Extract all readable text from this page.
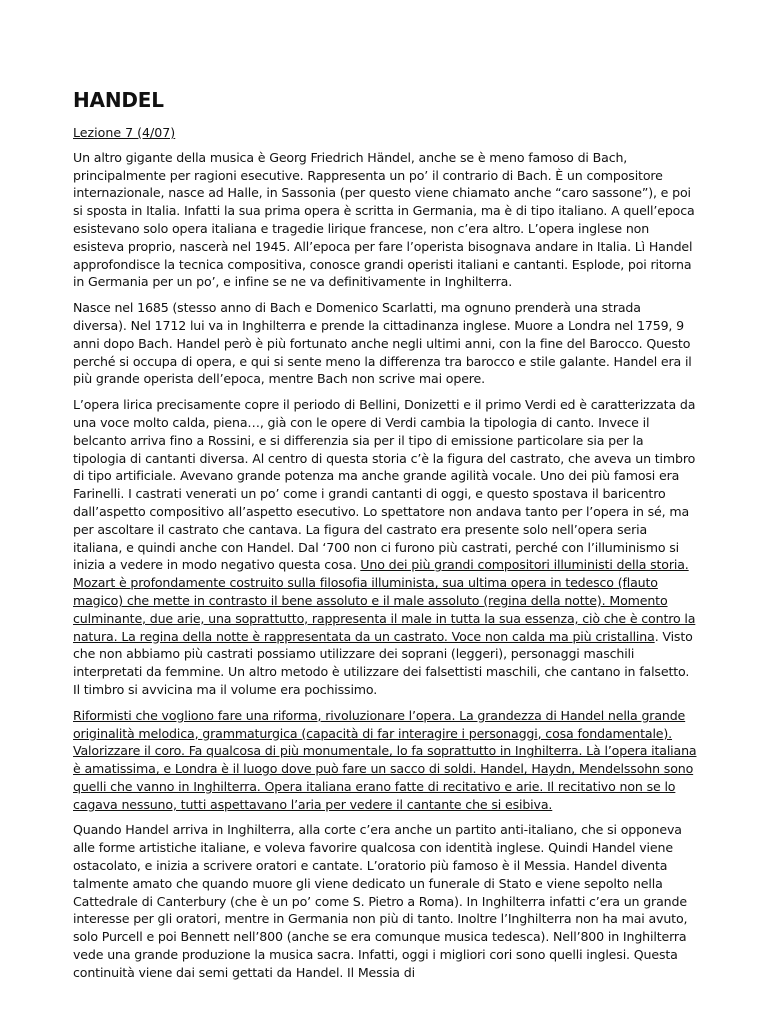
HANDEL
Lezione 7 (4/07)

Un altro gigante della musica è Georg Friedrich Händel, anche se è meno famoso di Bach, principalmente per ragioni esecutive. Rappresenta un po’ il contrario di Bach. È un compositore internazionale, nasce ad Halle, in Sassonia (per questo viene chiamato anche “caro sassone”), e poi si sposta in Italia. Infatti la sua prima opera è scritta in Germania, ma è di tipo italiano. A quell’epoca esistevano solo opera italiana e tragedie lirique francese, non c’era altro. L’opera inglese non esisteva proprio, nascerà nel 1945. All’epoca per fare l’operista bisognava andare in Italia. Lì Handel approfondisce la tecnica compositiva, conosce grandi operisti italiani e cantanti. Esplode, poi ritorna in Germania per un po’, e infine se ne va definitivamente in Inghilterra.

Nasce nel 1685 (stesso anno di Bach e Domenico Scarlatti, ma ognuno prenderà una strada diversa). Nel 1712 lui va in Inghilterra e prende la cittadinanza inglese. Muore a Londra nel 1759, 9 anni dopo Bach. Handel però è più fortunato anche negli ultimi anni, con la fine del Barocco. Questo perché si occupa di opera, e qui si sente meno la differenza tra barocco e stile galante. Handel era il più grande operista dell’epoca, mentre Bach non scrive mai opere.

L’opera lirica precisamente copre il periodo di Bellini, Donizetti e il primo Verdi ed è caratterizzata da una voce molto calda, piena…, già con le opere di Verdi cambia la tipologia di canto. Invece il belcanto arriva fino a Rossini, e si differenzia sia per il tipo di emissione particolare sia per la tipologia di cantanti diversa. Al centro di questa storia c’è la figura del castrato, che aveva un timbro di tipo artificiale. Avevano grande potenza ma anche grande agilità vocale. Uno dei più famosi era Farinelli. I castrati venerati un po’ come i grandi cantanti di oggi, e questo spostava il baricentro dall’aspetto compositivo all’aspetto esecutivo. Lo spettatore non andava tanto per l’opera in sé, ma per ascoltare il castrato che cantava. La figura del castrato era presente solo nell’opera seria italiana, e quindi anche con Handel. Dal ‘700 non ci furono più castrati, perché con l’illuminismo si inizia a vedere in modo negativo questa cosa. Uno dei più grandi compositori illuministi della storia. Mozart è profondamente costruito sulla filosofia illuminista, sua ultima opera in tedesco (flauto magico) che mette in contrasto il bene assoluto e il male assoluto (regina della notte). Momento culminante, due arie, una soprattutto, rappresenta il male in tutta la sua essenza, ciò che è contro la natura. La regina della notte è rappresentata da un castrato. Voce non calda ma più cristallina. Visto che non abbiamo più castrati possiamo utilizzare dei soprani (leggeri), personaggi maschili interpretati da femmine. Un altro metodo è utilizzare dei falsettisti maschili, che cantano in falsetto. Il timbro si avvicina ma il volume era pochissimo.

Riformisti che vogliono fare una riforma, rivoluzionare l’opera. La grandezza di Handel nella grande originalità melodica, grammaturgica (capacità di far interagire i personaggi, cosa fondamentale). Valorizzare il coro. Fa qualcosa di più monumentale, lo fa soprattutto in Inghilterra. Là l’opera italiana è amatissima, e Londra è il luogo dove può fare un sacco di soldi. Handel, Haydn, Mendelssohn sono quelli che vanno in Inghilterra. Opera italiana erano fatte di recitativo e arie. Il recitativo non se lo cagava nessuno, tutti aspettavano l’aria per vedere il cantante che si esibiva.

Quando Handel arriva in Inghilterra, alla corte c’era anche un partito anti-italiano, che si opponeva alle forme artistiche italiane, e voleva favorire qualcosa con identità inglese. Quindi Handel viene ostacolato, e inizia a scrivere oratori e cantate. L’oratorio più famoso è il Messia. Handel diventa talmente amato che quando muore gli viene dedicato un funerale di Stato e viene sepolto nella Cattedrale di Canterbury (che è un po’ come S. Pietro a Roma). In Inghilterra infatti c’era un grande interesse per gli oratori, mentre in Germania non più di tanto. Inoltre l’Inghilterra non ha mai avuto, solo Purcell e poi Bennett nell’800 (anche se era comunque musica tedesca). Nell’800 in Inghilterra vede una grande produzione la musica sacra. Infatti, oggi i migliori cori sono quelli inglesi. Questa continuità viene dai semi gettati da Handel. Il Messia di
